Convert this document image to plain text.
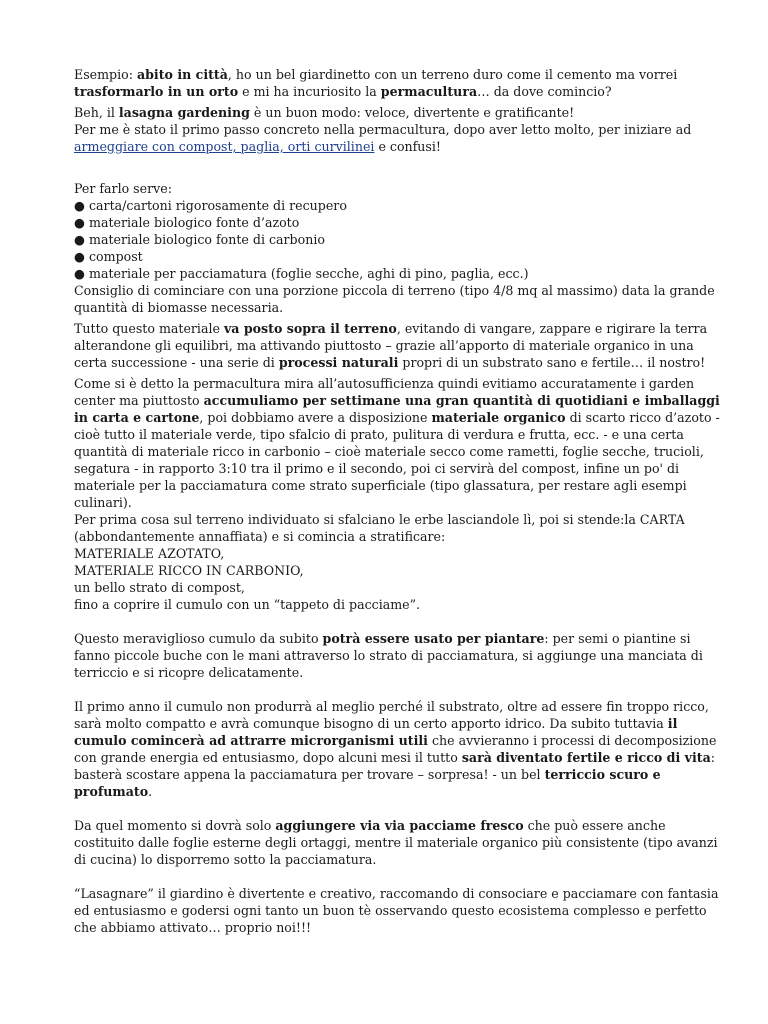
Esempio: abito in città, ho un bel giardinetto con un terreno duro come il cemento ma vorrei trasformarlo in un orto e mi ha incuriosito la permacultura… da dove comincio?

Beh, il lasagna gardening è un buon modo: veloce, divertente e gratificante!

Per me è stato il primo passo concreto nella permacultura, dopo aver letto molto, per iniziare ad armeggiare con compost, paglia, orti curvilinei e confusi!

Per farlo serve:

● carta/cartoni rigorosamente di recupero
● materiale biologico fonte d’azoto
● materiale biologico fonte di carbonio
● compost
● materiale per pacciamatura (foglie secche, aghi di pino, paglia, ecc.)

Consiglio di cominciare con una porzione piccola di terreno (tipo 4/8 mq al massimo) data la grande quantità di biomasse necessaria.

Tutto questo materiale va posto sopra il terreno, evitando di vangare, zappare e rigirare la terra alterandone gli equilibri, ma attivando piuttosto – grazie all’apporto di materiale organico in una certa successione - una serie di processi naturali propri di un substrato sano e fertile… il nostro!

Come si è detto la permacultura mira all’autosufficienza quindi evitiamo accuratamente i garden center ma piuttosto accumuliamo per settimane una gran quantità di quotidiani e imballaggi in carta e cartone, poi dobbiamo avere a disposizione materiale organico di scarto ricco d’azoto - cioè tutto il materiale verde, tipo sfalcio di prato, pulitura di verdura e frutta, ecc. - e una certa quantità di materiale ricco in carbonio – cioè materiale secco come rametti, foglie secche, trucioli, segatura - in rapporto 3:10 tra il primo e il secondo, poi ci servirà del compost, infine un po' di materiale per la pacciamatura come strato superficiale (tipo glassatura, per restare agli esempi culinari).

Per prima cosa sul terreno individuato si sfalciano le erbe lasciandole lì, poi si stende:la CARTA (abbondantemente annaffiata) e si comincia a stratificare:
MATERIALE AZOTATO,
MATERIALE RICCO IN CARBONIO,
un bello strato di compost,
fino a coprire il cumulo con un “tappeto di pacciame”.

Questo meraviglioso cumulo da subito potrà essere usato per piantare: per semi o piantine si fanno piccole buche con le mani attraverso lo strato di pacciamatura, si aggiunge una manciata di terriccio e si ricopre delicatamente.

Il primo anno il cumulo non produrrà al meglio perché il substrato, oltre ad essere fin troppo ricco, sarà molto compatto e avrà comunque bisogno di un certo apporto idrico. Da subito tuttavia il cumulo comincerà ad attrarre microrganismi utili che avvieranno i processi di decomposizione con grande energia ed entusiasmo, dopo alcuni mesi il tutto sarà diventato fertile e ricco di vita: basterà scostare appena la pacciamatura per trovare – sorpresa! - un bel terriccio scuro e profumato.

Da quel momento si dovrà solo aggiungere via via pacciame fresco che può essere anche costituito dalle foglie esterne degli ortaggi, mentre il materiale organico più consistente (tipo avanzi di cucina) lo disporremo sotto la pacciamatura.

“Lasagnare” il giardino è divertente e creativo, raccomando di consociare e pacciamare con fantasia ed entusiasmo e godersi ogni tanto un buon tè osservando questo ecosistema complesso e perfetto che abbiamo attivato… proprio noi!!!
